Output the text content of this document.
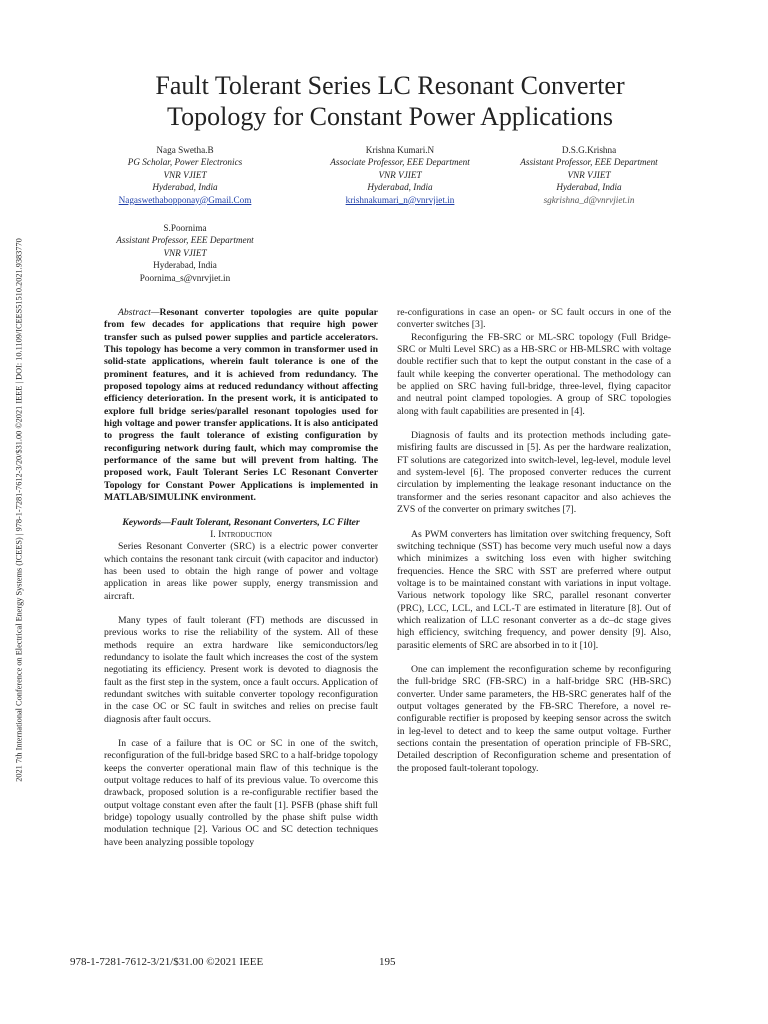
2021 7th International Conference on Electrical Energy Systems (ICEES) | 978-1-7281-7612-3/20/$31.00 ©2021 IEEE | DOI: 10.1109/ICEES51510.2021.9383770
Fault Tolerant Series LC Resonant Converter
Topology for Constant Power Applications
Naga Swetha.B
PG Scholar, Power Electronics
VNR VJIET
Hyderabad, India
Nagaswethabopponay@Gmail.Com
Krishna Kumari.N
Associate Professor, EEE Department
VNR VJIET
Hyderabad, India
krishnakumari_n@vnrvjiet.in
D.S.G.Krishna
Assistant Professor, EEE Department
VNR VJIET
Hyderabad, India
sgkrishna_d@vnrvjiet.in
S.Poornima
Assistant Professor, EEE Department
VNR VJIET
Hyderabad, India
Poornima_s@vnrvjiet.in

Abstract—Resonant converter topologies are quite popular from few decades for applications that require high power transfer such as pulsed power supplies and particle accelerators. This topology has become a very common in transformer used in solid-state applications, wherein fault tolerance is one of the prominent features, and it is achieved from redundancy. The proposed topology aims at reduced redundancy without affecting efficiency deterioration. In the present work, it is anticipated to explore full bridge series/parallel resonant topologies used for high voltage and power transfer applications. It is also anticipated to progress the fault tolerance of existing configuration by reconfiguring network during fault, which may compromise the performance of the same but will prevent from halting. The proposed work, Fault Tolerant Series LC Resonant Converter Topology for Constant Power Applications is implemented in MATLAB/SIMULINK environment.

Keywords—Fault Tolerant, Resonant Converters, LC Filter

I. Introduction

Series Resonant Converter (SRC) is a electric power converter which contains the resonant tank circuit (with capacitor and inductor) has been used to obtain the high range of power and voltage application in areas like power supply, energy transmission and aircraft.

Many types of fault tolerant (FT) methods are discussed in previous works to rise the reliability of the system. All of these methods require an extra hardware like semiconductors/leg redundancy to isolate the fault which increases the cost of the system negotiating its efficiency. Present work is devoted to diagnosis the fault as the first step in the system, once a fault occurs. Application of redundant switches with suitable converter topology reconfiguration in the case OC or SC fault in switches and relies on precise fault diagnosis after fault occurs.

In case of a failure that is OC or SC in one of the switch, reconfiguration of the full-bridge based SRC to a half-bridge topology keeps the converter operational main flaw of this technique is the output voltage reduces to half of its previous value. To overcome this drawback, proposed solution is a re-configurable rectifier based the output voltage constant even after the fault [1]. PSFB (phase shift full bridge) topology usually controlled by the phase shift pulse width modulation technique [2]. Various OC and SC detection techniques have been analyzing possible topology

re-configurations in case an open- or SC fault occurs in one of the converter switches [3].

Reconfiguring the FB-SRC or ML-SRC topology (Full Bridge-SRC or Multi Level SRC) as a HB-SRC or HB-MLSRC with voltage double rectifier such that to kept the output constant in the case of a fault while keeping the converter operational. The methodology can be applied on SRC having full-bridge, three-level, flying capacitor and neutral point clamped topologies. A group of SRC topologies along with fault capabilities are presented in [4].

Diagnosis of faults and its protection methods including gate-misfiring faults are discussed in [5]. As per the hardware realization, FT solutions are categorized into switch-level, leg-level, module level and system-level [6]. The proposed converter reduces the current circulation by implementing the leakage resonant inductance on the transformer and the series resonant capacitor and also achieves the ZVS of the converter on primary switches [7].

As PWM converters has limitation over switching frequency, Soft switching technique (SST) has become very much useful now a days which minimizes a switching loss even with higher switching frequencies. Hence the SRC with SST are preferred where output voltage is to be maintained constant with variations in input voltage. Various network topology like SRC, parallel resonant converter (PRC), LCC, LCL, and LCL-T are estimated in literature [8]. Out of which realization of LLC resonant converter as a dc–dc stage gives high efficiency, switching frequency, and power density [9]. Also, parasitic elements of SRC are absorbed in to it [10].

One can implement the reconfiguration scheme by reconfiguring the full-bridge SRC (FB-SRC) in a half-bridge SRC (HB-SRC) converter. Under same parameters, the HB-SRC generates half of the output voltages generated by the FB-SRC Therefore, a novel re-configurable rectifier is proposed by keeping sensor across the switch in leg-level to detect and to keep the same output voltage. Further sections contain the presentation of operation principle of FB-SRC, Detailed description of Reconfiguration scheme and presentation of the proposed fault-tolerant topology.

978-1-7281-7612-3/21/$31.00 ©2021 IEEE	195
